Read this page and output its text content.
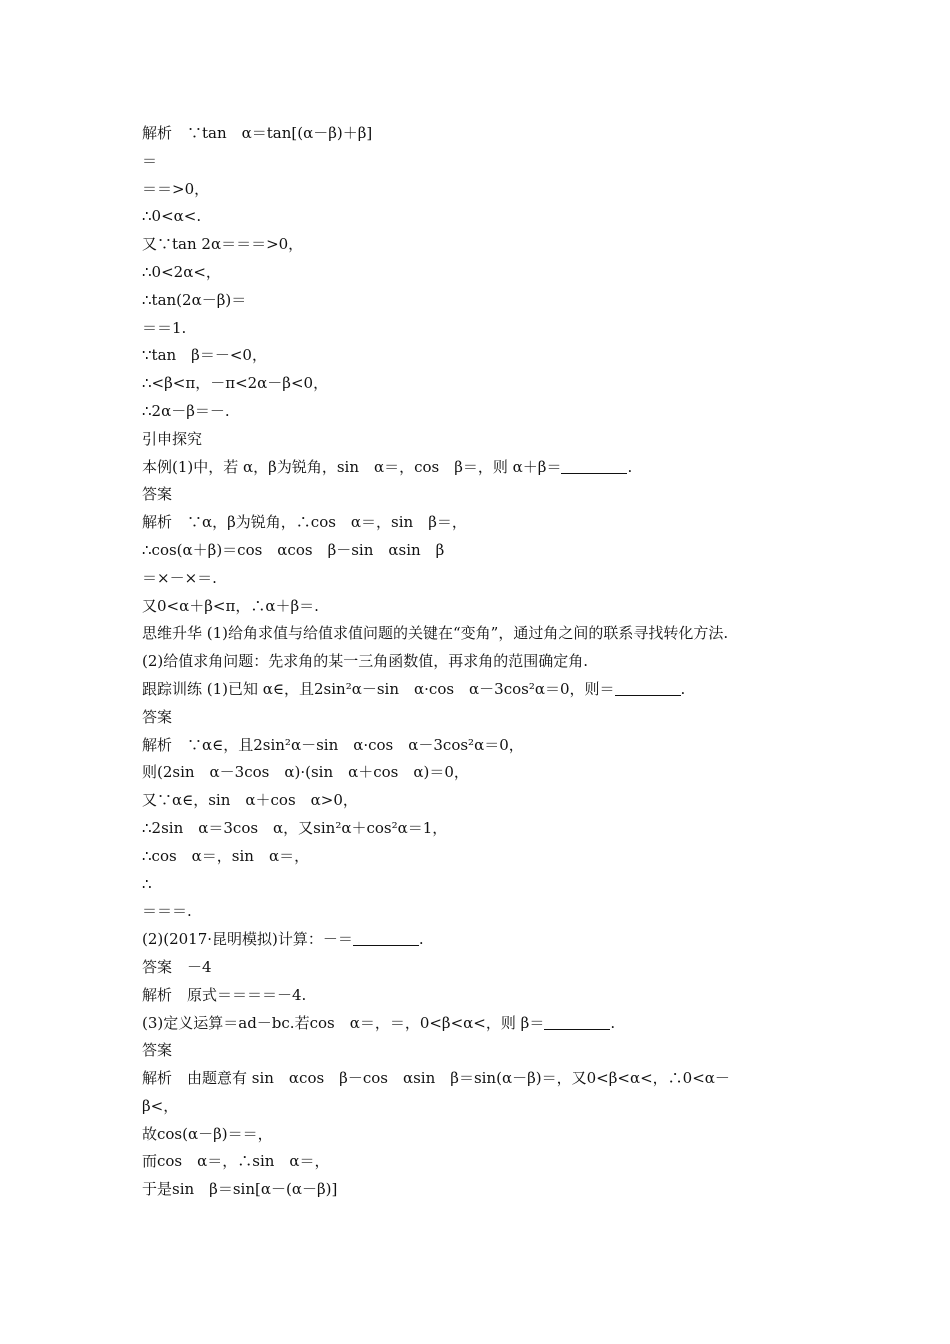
解析　∵tan　α＝tan[(α－β)＋β]
＝
＝＝>0，
∴0<α<.
又∵tan 2α＝＝＝>0，
∴0<2α<，
∴tan(2α－β)＝
＝＝1.
∵tan　β＝－<0，
∴<β<π，－π<2α－β<0，
∴2α－β＝－.
引申探究
本例(1)中，若 α，β为锐角，sin　α＝，cos　β＝，则 α＋β＝	.
答案
解析　∵α，β为锐角，∴cos　α＝，sin　β＝，
∴cos(α＋β)＝cos　αcos　β－sin　αsin　β
＝×－×＝.
又0<α＋β<π，∴α＋β＝.
思维升华 (1)给角求值与给值求值问题的关键在“变角”，通过角之间的联系寻找转化方法.
(2)给值求角问题：先求角的某一三角函数值，再求角的范围确定角.
跟踪训练 (1)已知 α∈，且2sin²α－sin　α·cos　α－3cos²α＝0，则＝	.
答案
解析　∵α∈，且2sin²α－sin　α·cos　α－3cos²α＝0，
则(2sin　α－3cos　α)·(sin　α＋cos　α)＝0，
又∵α∈，sin　α＋cos　α>0，
∴2sin　α＝3cos　α，又sin²α＋cos²α＝1，
∴cos　α＝，sin　α＝，
∴
＝＝＝.
(2)(2017·昆明模拟)计算：－＝	.
答案　－4
解析　原式＝＝＝＝－4.
(3)定义运算＝ad－bc.若cos　α＝，＝，0<β<α<，则 β＝	.
答案
解析　由题意有 sin　αcos　β－cos　αsin　β＝sin(α－β)＝，又0<β<α<，∴0<α－
β<，
故cos(α－β)＝＝，
而cos　α＝，∴sin　α＝，
于是sin　β＝sin[α－(α－β)]
